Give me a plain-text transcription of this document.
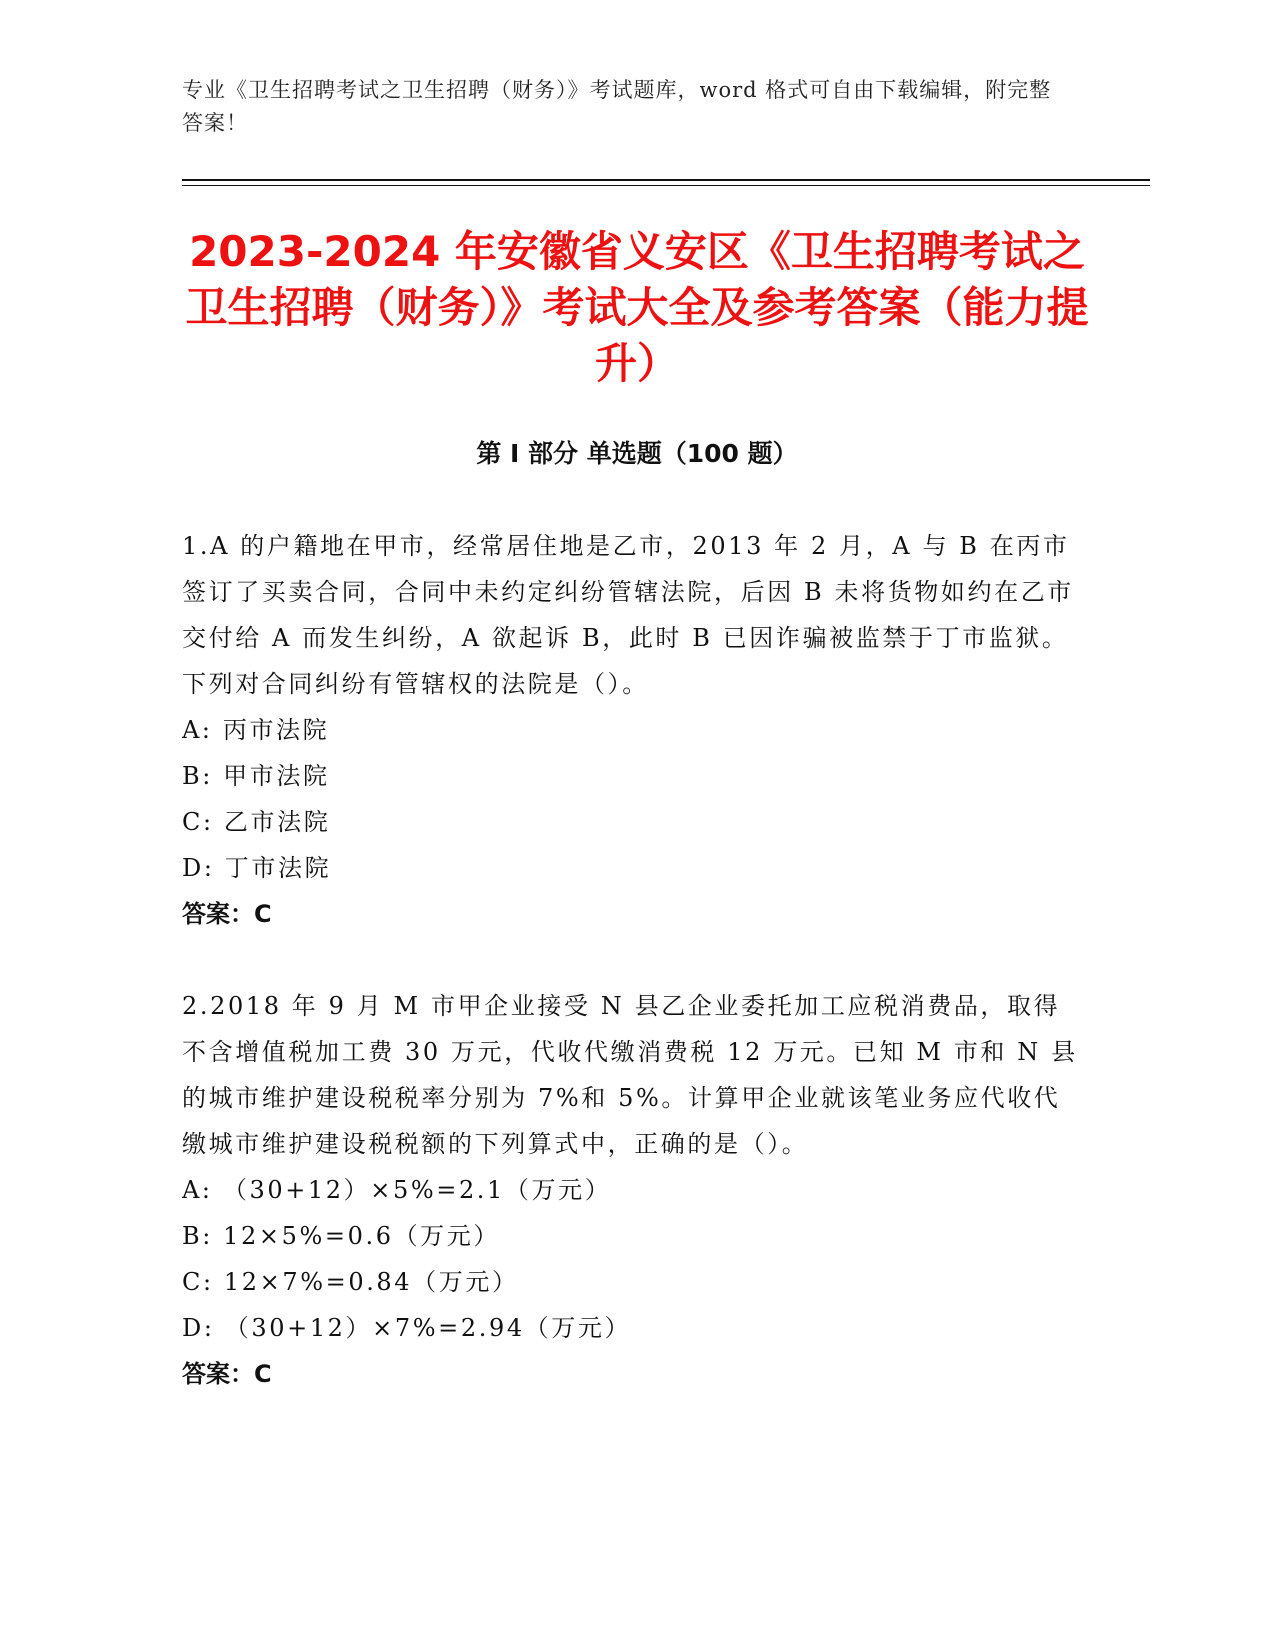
专业《卫生招聘考试之卫生招聘（财务）》考试题库，word 格式可自由下载编辑，附完整答案！
2023-2024 年安徽省义安区《卫生招聘考试之卫生招聘（财务）》考试大全及参考答案（能力提升）
第 I 部分 单选题（100 题）

1.A 的户籍地在甲市，经常居住地是乙市，2013 年 2 月，A 与 B 在丙市签订了买卖合同，合同中未约定纠纷管辖法院，后因 B 未将货物如约在乙市交付给 A 而发生纠纷，A 欲起诉 B，此时 B 已因诈骗被监禁于丁市监狱。下列对合同纠纷有管辖权的法院是（）。

A: 丙市法院

B: 甲市法院

C: 乙市法院

D: 丁市法院

答案：C

2.2018 年 9 月 M 市甲企业接受 N 县乙企业委托加工应税消费品，取得不含增值税加工费 30 万元，代收代缴消费税 12 万元。已知 M 市和 N 县的城市维护建设税税率分别为 7%和 5%。计算甲企业就该笔业务应代收代缴城市维护建设税税额的下列算式中，正确的是（）。

A: （30+12）×5%=2.1（万元）

B: 12×5%=0.6（万元）

C: 12×7%=0.84（万元）

D: （30+12）×7%=2.94（万元）

答案：C
